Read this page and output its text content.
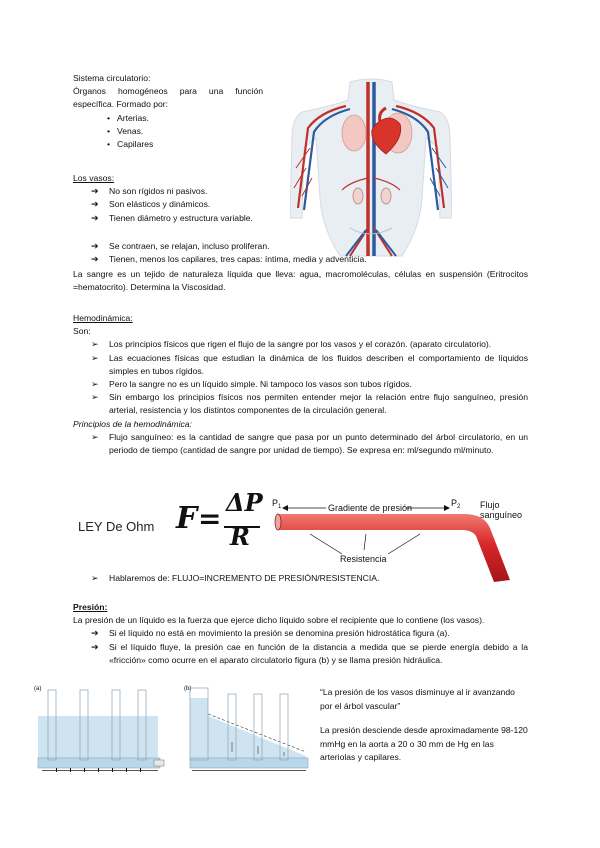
Sistema circulatorio:

Órganos homogéneos para una función específica. Formado por:

• Arterias.
• Venas.
• Capilares

Los vasos:

➔ No son rígidos ni pasivos.
➔ Son elásticos y dinámicos.
➔ Tienen diámetro y estructura variable.
➔ Se contraen, se relajan, incluso proliferan.
➔ Tienen, menos los capilares, tres capas: íntima, media y adventicia.

La sangre es un tejido de naturaleza líquida que lleva: agua, macromoléculas, células en suspensión (Eritrocitos =hematocrito). Determina la Viscosidad.

Hemodinámica:

Son:

➢ Los principios físicos que rigen el flujo de la sangre por los vasos y el corazón. (aparato circulatorio).
➢ Las ecuaciones físicas que estudian la dinámica de los fluidos describen el comportamiento de líquidos simples en tubos rígidos.
➢ Pero la sangre no es un líquido simple. Ni tampoco los vasos son tubos rígidos.
➢ Sin embargo los principios físicos nos permiten entender mejor la relación entre flujo sanguíneo, presión arterial, resistencia y los distintos componentes de la circulación general.

Principios de la hemodinámica:

➢ Flujo sanguíneo: es la cantidad de sangre que pasa por un punto determinado del árbol circulatorio, en un periodo de tiempo (cantidad de sangre por unidad de tiempo). Se expresa en: ml/segundo ml/minuto.
LEY De Ohm F = ΔP
R
Gradiente de presión
$P_1$	$P_2$ Flujo
sanguíneo
Resistencia
➢ Hablaremos de: FLUJO=INCREMENTO DE PRESIÓN/RESISTENCIA.

Presión:

La presión de un líquido es la fuerza que ejerce dicho líquido sobre el recipiente que lo contiene (los vasos).

➔ Si el líquido no está en movimiento la presión se denomina presión hidrostática figura (a).
➔ Si el líquido fluye, la presión cae en función de la distancia a medida que se pierde energía debido a la «fricción» como ocurre en el aparato circulatorio figura (b) y se llama presión hidráulica.
(a)	(b)	“La presión de los vasos disminuye al ir avanzando por el árbol vascular”

La presión desciende desde aproximadamente 98-120 mmHg en la aorta a 20 o 30 mm de Hg en las arteriolas y capilares.
